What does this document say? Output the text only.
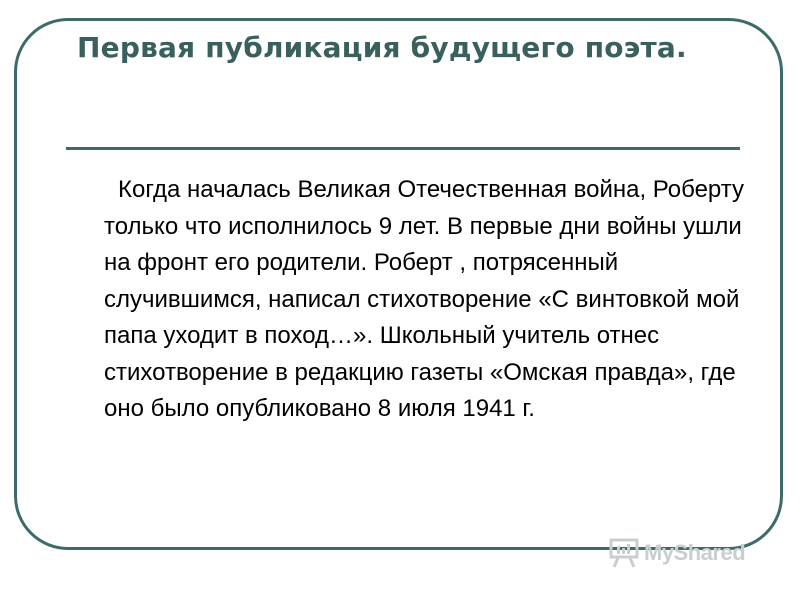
Первая публикация будущего поэта.

Когда началась Великая Отечественная война, Роберту только что исполнилось 9 лет. В первые дни войны ушли на фронт его родители. Роберт , потрясенный случившимся, написал стихотворение «С винтовкой мой папа уходит в поход…». Школьный учитель отнес стихотворение в редакцию газеты «Омская правда», где оно было опубликовано 8 июля 1941 г.

MyShared
